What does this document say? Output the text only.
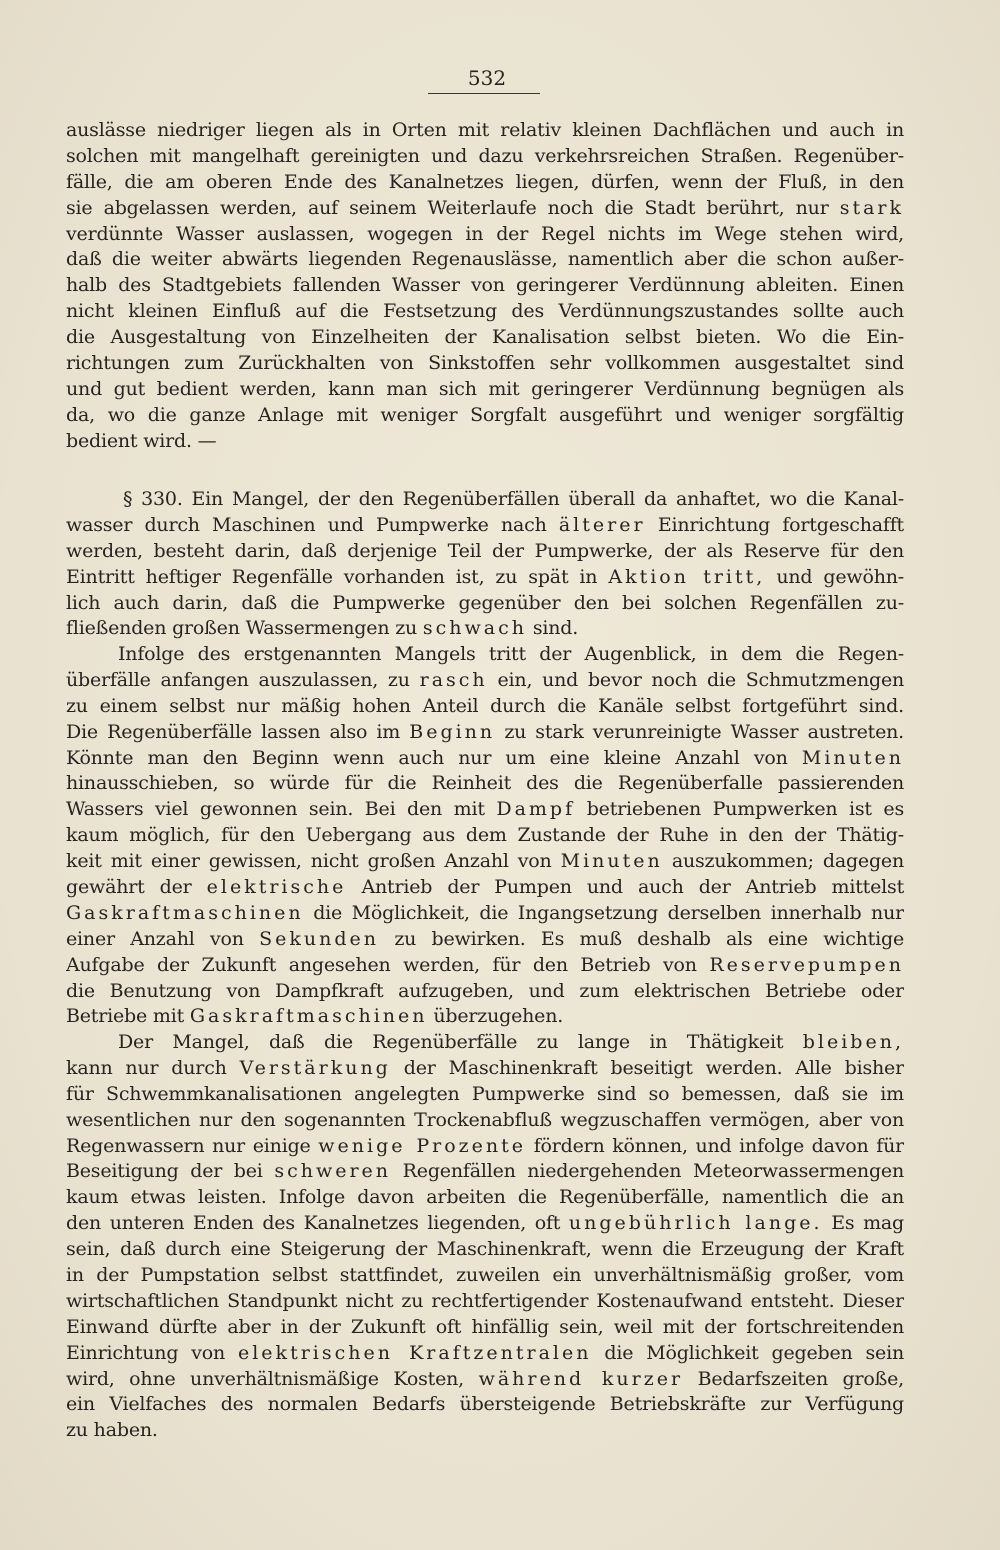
532
auslässe niedriger liegen als in Orten mit relativ kleinen Dachflächen und auch in
solchen mit mangelhaft gereinigten und dazu verkehrsreichen Straßen. Regenüber-
fälle, die am oberen Ende des Kanalnetzes liegen, dürfen, wenn der Fluß, in den
sie abgelassen werden, auf seinem Weiterlaufe noch die Stadt berührt, nur stark
verdünnte Wasser auslassen, wogegen in der Regel nichts im Wege stehen wird,
daß die weiter abwärts liegenden Regenauslässe, namentlich aber die schon außer-
halb des Stadtgebiets fallenden Wasser von geringerer Verdünnung ableiten. Einen
nicht kleinen Einfluß auf die Festsetzung des Verdünnungszustandes sollte auch
die Ausgestaltung von Einzelheiten der Kanalisation selbst bieten. Wo die Ein-
richtungen zum Zurückhalten von Sinkstoffen sehr vollkommen ausgestaltet sind
und gut bedient werden, kann man sich mit geringerer Verdünnung begnügen als
da, wo die ganze Anlage mit weniger Sorgfalt ausgeführt und weniger sorgfältig
bedient wird. —
§ 330. Ein Mangel, der den Regenüberfällen überall da anhaftet, wo die Kanal-
wasser durch Maschinen und Pumpwerke nach älterer Einrichtung fortgeschafft
werden, besteht darin, daß derjenige Teil der Pumpwerke, der als Reserve für den
Eintritt heftiger Regenfälle vorhanden ist, zu spät in Aktion tritt, und gewöhn-
lich auch darin, daß die Pumpwerke gegenüber den bei solchen Regenfällen zu-
fließenden großen Wassermengen zu schwach sind.
Infolge des erstgenannten Mangels tritt der Augenblick, in dem die Regen-
überfälle anfangen auszulassen, zu rasch ein, und bevor noch die Schmutzmengen
zu einem selbst nur mäßig hohen Anteil durch die Kanäle selbst fortgeführt sind.
Die Regenüberfälle lassen also im Beginn zu stark verunreinigte Wasser austreten.
Könnte man den Beginn wenn auch nur um eine kleine Anzahl von Minuten
hinausschieben, so würde für die Reinheit des die Regenüberfalle passierenden
Wassers viel gewonnen sein. Bei den mit Dampf betriebenen Pumpwerken ist es
kaum möglich, für den Uebergang aus dem Zustande der Ruhe in den der Thätig-
keit mit einer gewissen, nicht großen Anzahl von Minuten auszukommen; dagegen
gewährt der elektrische Antrieb der Pumpen und auch der Antrieb mittelst
Gaskraftmaschinen die Möglichkeit, die Ingangsetzung derselben innerhalb nur
einer Anzahl von Sekunden zu bewirken. Es muß deshalb als eine wichtige
Aufgabe der Zukunft angesehen werden, für den Betrieb von Reservepumpen
die Benutzung von Dampfkraft aufzugeben, und zum elektrischen Betriebe oder
Betriebe mit Gaskraftmaschinen überzugehen.
Der Mangel, daß die Regenüberfälle zu lange in Thätigkeit bleiben,
kann nur durch Verstärkung der Maschinenkraft beseitigt werden. Alle bisher
für Schwemmkanalisationen angelegten Pumpwerke sind so bemessen, daß sie im
wesentlichen nur den sogenannten Trockenabfluß wegzuschaffen vermögen, aber von
Regenwassern nur einige wenige Prozente fördern können, und infolge davon für
Beseitigung der bei schweren Regenfällen niedergehenden Meteorwassermengen
kaum etwas leisten. Infolge davon arbeiten die Regenüberfälle, namentlich die an
den unteren Enden des Kanalnetzes liegenden, oft ungebührlich lange. Es mag
sein, daß durch eine Steigerung der Maschinenkraft, wenn die Erzeugung der Kraft
in der Pumpstation selbst stattfindet, zuweilen ein unverhältnismäßig großer, vom
wirtschaftlichen Standpunkt nicht zu rechtfertigender Kostenaufwand entsteht. Dieser
Einwand dürfte aber in der Zukunft oft hinfällig sein, weil mit der fortschreitenden
Einrichtung von elektrischen Kraftzentralen die Möglichkeit gegeben sein
wird, ohne unverhältnismäßige Kosten, während kurzer Bedarfszeiten große,
ein Vielfaches des normalen Bedarfs übersteigende Betriebskräfte zur Verfügung
zu haben.
